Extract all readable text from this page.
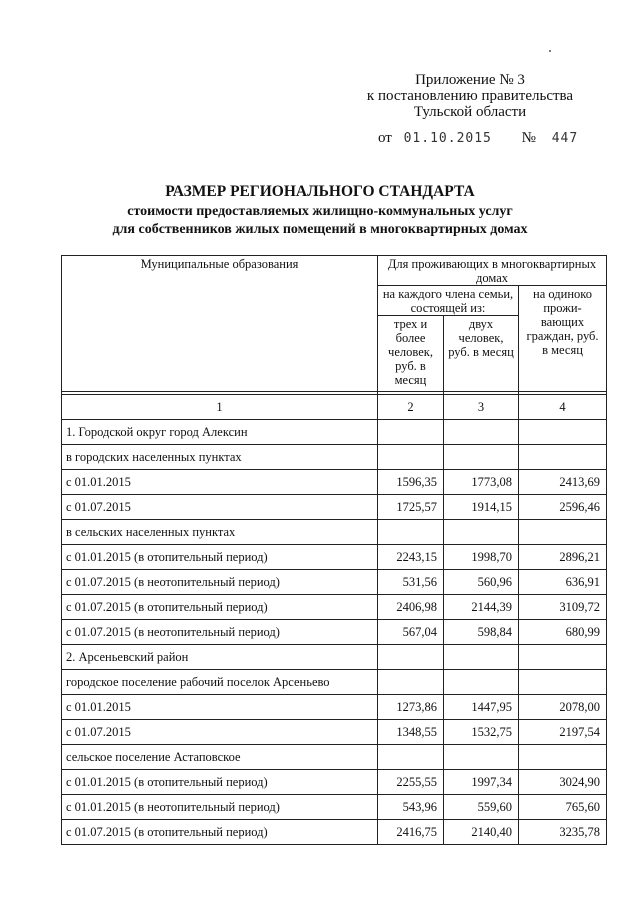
Приложение № 3
к постановлению правительства
Тульской области
от 01.10.2015 № 447
РАЗМЕР РЕГИОНАЛЬНОГО СТАНДАРТА
стоимости предоставляемых жилищно-коммунальных услуг
для собственников жилых помещений в многоквартирных домах
Муниципальные образования	Для проживающих в многоквартирных домах		
	на каждого члена семьи, состоящей из:		на одиноко прожи-вающих граждан, руб. в месяц
	трех и более человек, руб. в месяц	двух человек, руб. в месяц	

1	2	3	4
1. Городской округ город Алексин			
в городских населенных пунктах			
с 01.01.2015	1596,35	1773,08	2413,69
с 01.07.2015	1725,57	1914,15	2596,46
в сельских населенных пунктах			
с 01.01.2015 (в отопительный период)	2243,15	1998,70	2896,21
с 01.07.2015 (в неотопительный период)	531,56	560,96	636,91
с 01.07.2015 (в отопительный период)	2406,98	2144,39	3109,72
с 01.07.2015 (в неотопительный период)	567,04	598,84	680,99
2. Арсеньевский район			
городское поселение рабочий поселок Арсеньево			
с 01.01.2015	1273,86	1447,95	2078,00
с 01.07.2015	1348,55	1532,75	2197,54
сельское поселение Астаповское			
с 01.01.2015 (в отопительный период)	2255,55	1997,34	3024,90
с 01.01.2015 (в неотопительный период)	543,96	559,60	765,60
с 01.07.2015 (в отопительный период)	2416,75	2140,40	3235,78
